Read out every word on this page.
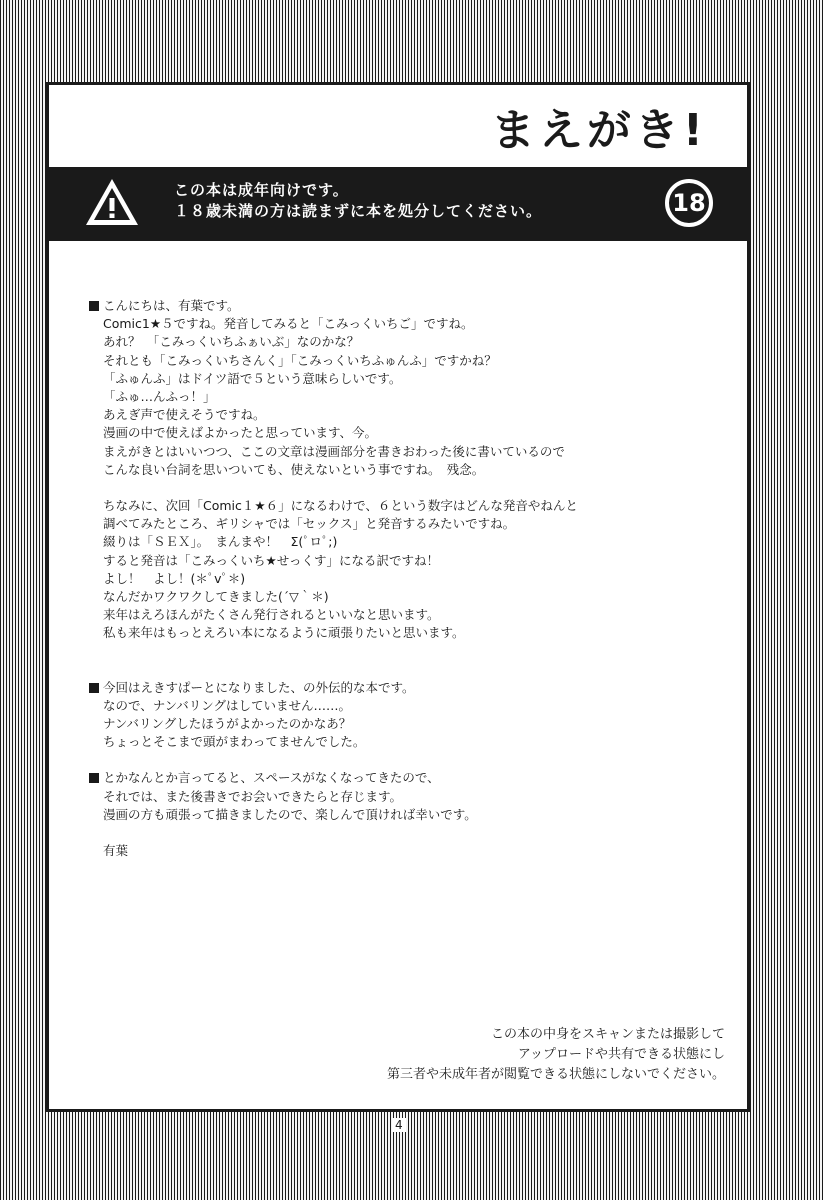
まえがき!
この本は成年向けです。
１８歳未満の方は読まずに本を処分してください。	18
こんにちは、有葉です。
Comic1★５ですね。発音してみると「こみっくいちご」ですね。
あれ？　「こみっくいちふぁいぶ」なのかな？
それとも「こみっくいちさんく」「こみっくいちふゅんふ」ですかね？
「ふゅんふ」はドイツ語で５という意味らしいです。
「ふゅ…んふっ！」
あえぎ声で使えそうですね。
漫画の中で使えばよかったと思っています、今。
まえがきとはいいつつ、ここの文章は漫画部分を書きおわった後に書いているので
こんな良い台詞を思いついても、使えないという事ですね。　残念。
ちなみに、次回「Comic１★６」になるわけで、６という数字はどんな発音やねんと
調べてみたところ、ギリシャでは「セックス」と発音するみたいですね。
綴りは「ＳＥＸ」。　まんまや！　Σ(ﾟロﾟ;)
すると発音は「こみっくいち★せっくす」になる訳ですね！
よし！　よし！(＊ﾟvﾟ＊)
なんだかワクワクしてきました(´▽｀＊)
来年はえろほんがたくさん発行されるといいなと思います。
私も来年はもっとえろい本になるように頑張りたいと思います。
今回はえきすぱーとになりました、の外伝的な本です。
なので、ナンバリングはしていません……。
ナンバリングしたほうがよかったのかなあ？
ちょっとそこまで頭がまわってませんでした。
とかなんとか言ってると、スペースがなくなってきたので、
それでは、また後書きでお会いできたらと存じます。
漫画の方も頑張って描きましたので、楽しんで頂ければ幸いです。
有葉
この本の中身をスキャンまたは撮影して
アップロードや共有できる状態にし
第三者や未成年者が閲覧できる状態にしないでください。
4
